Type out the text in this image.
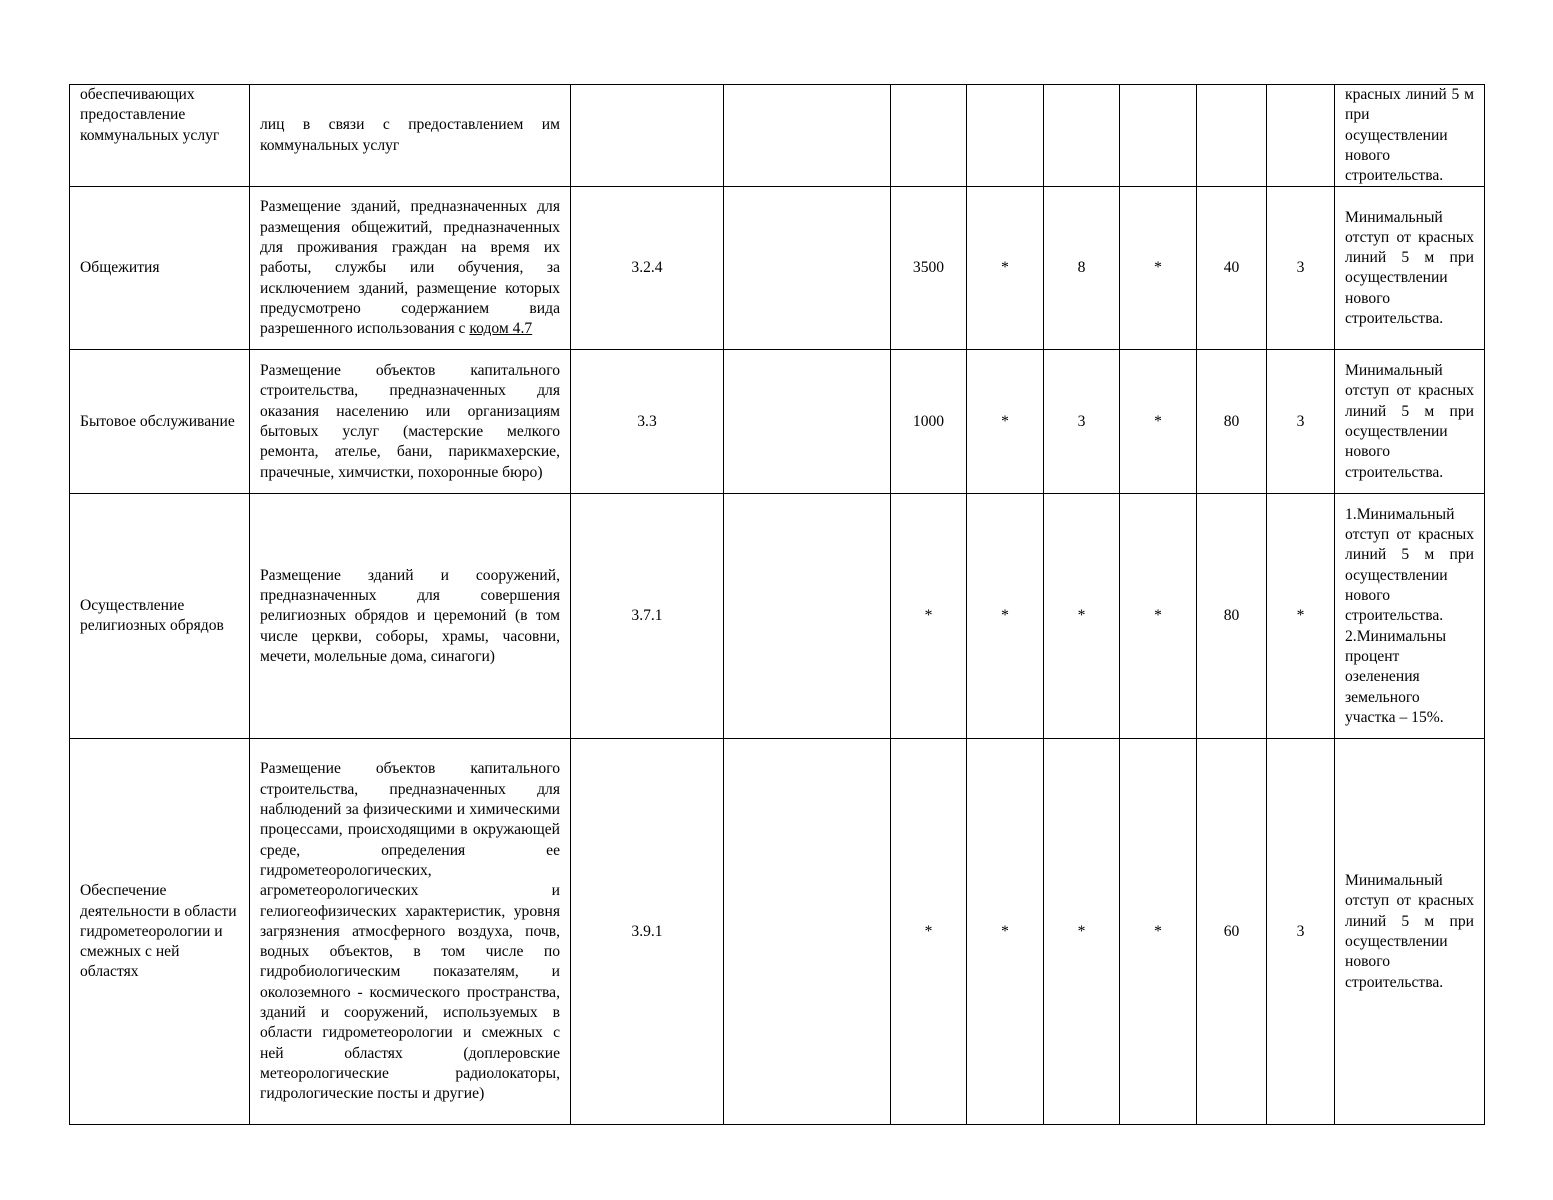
обеспечивающих предоставление коммунальных услуг	лиц в связи с предоставлением им коммунальных услуг									красных линий 5 м при осуществлении нового строительства.
Общежития	Размещение зданий, предназначенных для размещения общежитий, предназначенных для проживания граждан на время их работы, службы или обучения, за исключением зданий, размещение которых предусмотрено содержанием вида разрешенного использования с кодом 4.7	3.2.4		3500	*	8	*	40	3	Минимальный отступ от красных линий 5 м при осуществлении нового строительства.
Бытовое обслуживание	Размещение объектов капитального строительства, предназначенных для оказания населению или организациям бытовых услуг (мастерские мелкого ремонта, ателье, бани, парикмахерские, прачечные, химчистки, похоронные бюро)	3.3		1000	*	3	*	80	3	Минимальный отступ от красных линий 5 м при осуществлении нового строительства.
Осуществление религиозных обрядов	Размещение зданий и сооружений, предназначенных для совершения религиозных обрядов и церемоний (в том числе церкви, соборы, храмы, часовни, мечети, молельные дома, синагоги)	3.7.1		*	*	*	*	80	*	1.Минимальный отступ от красных линий 5 м при осуществлении нового строительства.
2.Минимальны процент озеленения земельного участка – 15%.

Обеспечение деятельности в области гидрометеорологии и смежных с ней областях	Размещение объектов капитального строительства, предназначенных для наблюдений за физическими и химическими процессами, происходящими в окружающей среде, определения ее гидрометеорологических, агрометеорологических и гелиогеофизических характеристик, уровня загрязнения атмосферного воздуха, почв, водных объектов, в том числе по гидробиологическим показателям, и околоземного - космического пространства, зданий и сооружений, используемых в области гидрометеорологии и смежных с ней областях (доплеровские метеорологические радиолокаторы, гидрологические посты и другие)	3.9.1		*	*	*	*	60	3	Минимальный отступ от красных линий 5 м при осуществлении нового строительства.
